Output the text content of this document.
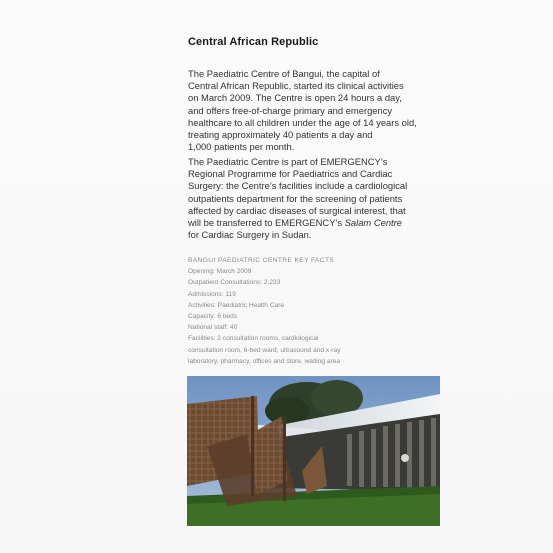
Central African Republic

The Paediatric Centre of Bangui, the capital of
Central African Republic, started its clinical activities
on March 2009. The Centre is open 24 hours a day,
and offers free-of-charge primary and emergency
healthcare to all children under the age of 14 years old,
treating approximately 40 patients a day and
1,000 patients per month.

The Paediatric Centre is part of EMERGENCY’s
Regional Programme for Paediatrics and Cardiac
Surgery: the Centre’s facilities include a cardiological
outpatients department for the screening of patients
affected by cardiac diseases of surgical interest, that
will be transferred to EMERGENCY’s Salam Centre
for Cardiac Surgery in Sudan.

BANGUI PAEDIATRIC CENTRE KEY FACTS
Opening: March 2009
Outpatient Consultations: 2,233
Admissions: 119
Activities: Paediatric Health Care
Capacity: 6 beds
National staff: 40
Facilities: 2 consultation rooms, cardiological
consultation room, 6-bed ward, ultrasound and x-ray
laboratory, pharmacy, offices and store, waiting area
